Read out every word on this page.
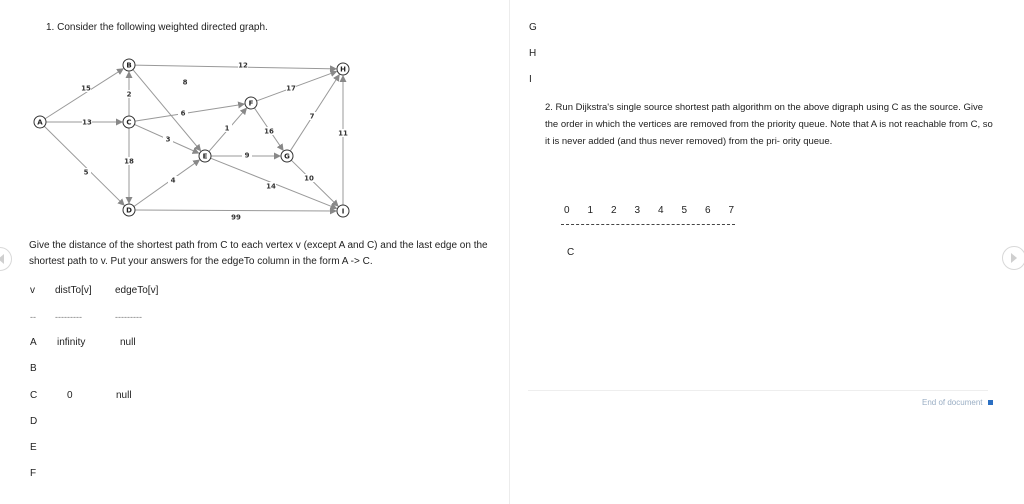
1. Consider the following weighted directed graph.
15
13
5
2
18
12
8
6
3
4
1
17
16
9
7
14
10
11
99
A
B
C
D
E
F
G
H
I
Give the distance of the shortest path from C to each vertex v (except A and C) and the last edge on the shortest path to v. Put your answers for the edgeTo column in the form A -> C.
v distTo[v] edgeTo[v]
-- ---------	---------
A infinity	null
B
C	0	null
D
E
F
G
H
I
2. Run Dijkstra's single source shortest path algorithm on the above digraph using C as the source. Give the order in which the vertices are removed from the priority queue. Note that A is not reachable from C, so it is never added (and thus never removed) from the pri- ority queue.
0 1 2 3 4 5 6 7
C
End of document
